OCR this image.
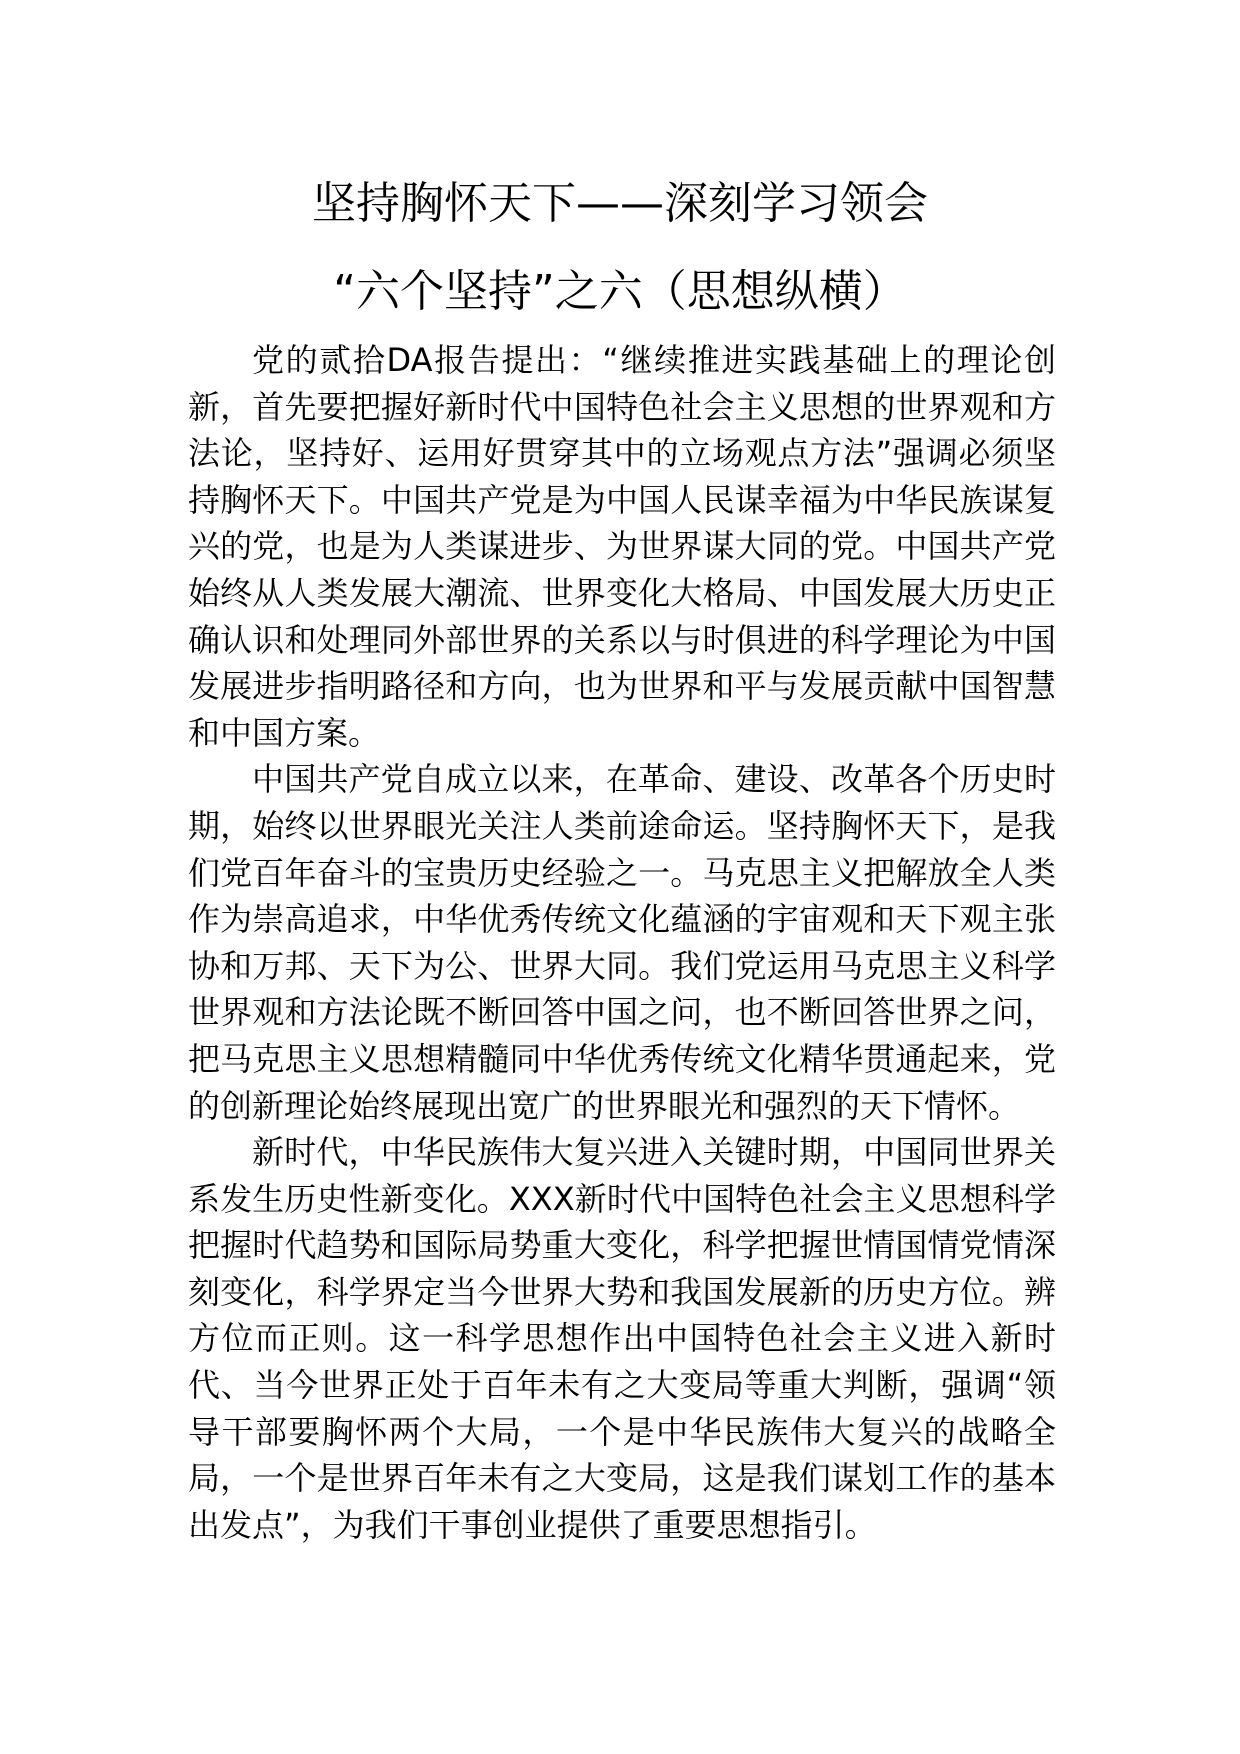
坚持胸怀天下——深刻学习领会
“六个坚持”之六（思想纵横）

党的贰拾DA报告提出：“继续推进实践基础上的理论创新，首先要把握好新时代中国特色社会主义思想的世界观和方法论，坚持好、运用好贯穿其中的立场观点方法”强调必须坚持胸怀天下。中国共产党是为中国人民谋幸福为中华民族谋复兴的党，也是为人类谋进步、为世界谋大同的党。中国共产党始终从人类发展大潮流、世界变化大格局、中国发展大历史正确认识和处理同外部世界的关系以与时俱进的科学理论为中国发展进步指明路径和方向，也为世界和平与发展贡献中国智慧和中国方案。

中国共产党自成立以来，在革命、建设、改革各个历史时期，始终以世界眼光关注人类前途命运。坚持胸怀天下，是我们党百年奋斗的宝贵历史经验之一。马克思主义把解放全人类作为崇高追求，中华优秀传统文化蕴涵的宇宙观和天下观主张协和万邦、天下为公、世界大同。我们党运用马克思主义科学世界观和方法论既不断回答中国之问，也不断回答世界之问，把马克思主义思想精髓同中华优秀传统文化精华贯通起来，党的创新理论始终展现出宽广的世界眼光和强烈的天下情怀。

新时代，中华民族伟大复兴进入关键时期，中国同世界关系发生历史性新变化。XXX新时代中国特色社会主义思想科学把握时代趋势和国际局势重大变化，科学把握世情国情党情深刻变化，科学界定当今世界大势和我国发展新的历史方位。辨方位而正则。这一科学思想作出中国特色社会主义进入新时代、当今世界正处于百年未有之大变局等重大判断，强调“领导干部要胸怀两个大局，一个是中华民族伟大复兴的战略全局，一个是世界百年未有之大变局，这是我们谋划工作的基本出发点”，为我们干事创业提供了重要思想指引。
